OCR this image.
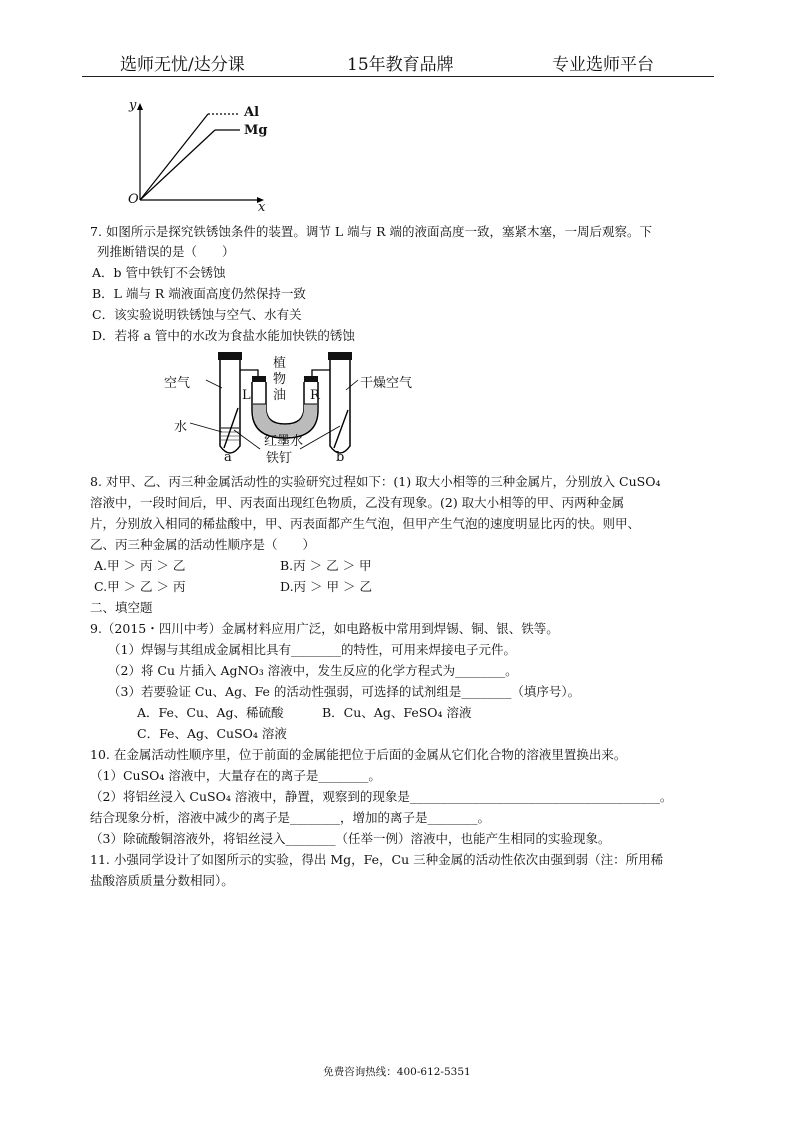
选师无忧/达分课	15年教育品牌	专业选师平台
y
x
O
Al
Mg
7. 如图所示是探究铁锈蚀条件的装置。调节 L 端与 R 端的液面高度一致，塞紧木塞，一周后观察。下
列推断错误的是（　　）
A．b 管中铁钉不会锈蚀
B．L 端与 R 端液面高度仍然保持一致
C．该实验说明铁锈蚀与空气、水有关
D．若将 a 管中的水改为食盐水能加快铁的锈蚀
空气
植
物
油
干燥空气
L	R
水
红墨水
铁钉
a	b
8. 对甲、乙、丙三种金属活动性的实验研究过程如下：(1) 取大小相等的三种金属片，分别放入 CuSO₄
溶液中，一段时间后，甲、丙表面出现红色物质，乙没有现象。(2) 取大小相等的甲、丙两种金属
片，分别放入相同的稀盐酸中，甲、丙表面都产生气泡，但甲产生气泡的速度明显比丙的快。则甲、
乙、丙三种金属的活动性顺序是（　　）
A.甲 ＞ 丙 ＞ 乙	B.丙 ＞ 乙 ＞ 甲
C.甲 ＞ 乙 ＞ 丙	D.丙 ＞ 甲 ＞ 乙
二、填空题
9.（2015・四川中考）金属材料应用广泛，如电路板中常用到焊锡、铜、银、铁等。
（1）焊锡与其组成金属相比具有________的特性，可用来焊接电子元件。
（2）将 Cu 片插入 AgNO₃ 溶液中，发生反应的化学方程式为________。
（3）若要验证 Cu、Ag、Fe 的活动性强弱，可选择的试剂组是________（填序号）。
A．Fe、Cu、Ag、稀硫酸	B．Cu、Ag、FeSO₄ 溶液
C．Fe、Ag、CuSO₄ 溶液
10. 在金属活动性顺序里，位于前面的金属能把位于后面的金属从它们化合物的溶液里置换出来。
（1）CuSO₄ 溶液中，大量存在的离子是________。
（2）将铝丝浸入 CuSO₄ 溶液中，静置，观察到的现象是________________________________________。
结合现象分析，溶液中减少的离子是________，增加的离子是________。
（3）除硫酸铜溶液外，将铝丝浸入________（任举一例）溶液中，也能产生相同的实验现象。
11. 小强同学设计了如图所示的实验，得出 Mg，Fe，Cu 三种金属的活动性依次由强到弱（注：所用稀
盐酸溶质质量分数相同）。
免费咨询热线：400-612-5351
